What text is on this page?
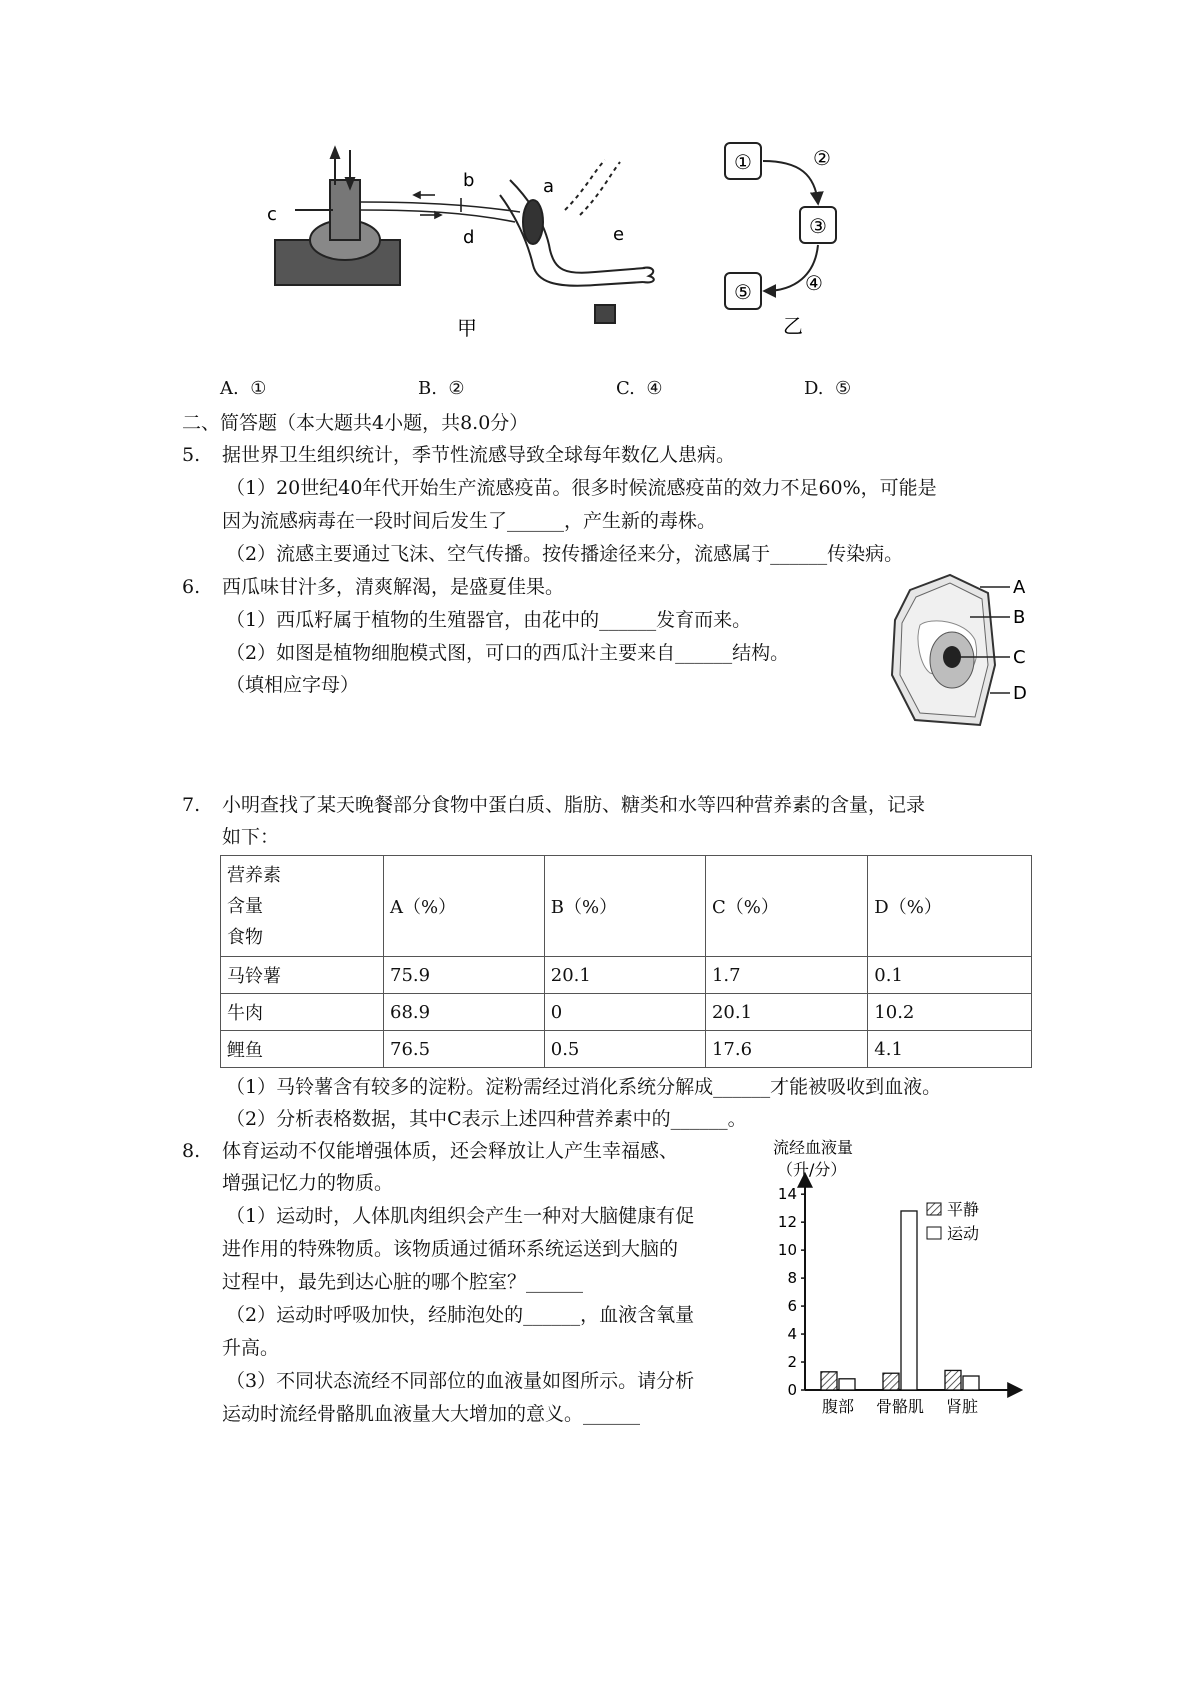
a
b
c
d	e
甲
①
③
⑤
②
④
乙
A. ①	B. ②	C. ④	D. ⑤
二、简答题（本大题共4小题，共8.0分）
5. 据世界卫生组织统计，季节性流感导致全球每年数亿人患病。
（1）20世纪40年代开始生产流感疫苗。很多时候流感疫苗的效力不足60%，可能是
因为流感病毒在一段时间后发生了______，产生新的毒株。
（2）流感主要通过飞沫、空气传播。按传播途径来分，流感属于______传染病。
6. 西瓜味甘汁多，清爽解渴，是盛夏佳果。
（1）西瓜籽属于植物的生殖器官，由花中的______发育而来。
（2）如图是植物细胞模式图，可口的西瓜汁主要来自______结构。
（填相应字母）
A
B
C
D
7. 小明查找了某天晚餐部分食物中蛋白质、脂肪、糖类和水等四种营养素的含量，记录
如下：
营养素
含量
食物	A（%）	B（%）	C（%）	D（%）
马铃薯	75.9	20.1	1.7	0.1
牛肉	68.9	0	20.1	10.2
鲤鱼	76.5	0.5	17.6	4.1
（1）马铃薯含有较多的淀粉。淀粉需经过消化系统分解成______才能被吸收到血液。
（2）分析表格数据，其中C表示上述四种营养素中的______。
8. 体育运动不仅能增强体质，还会释放让人产生幸福感、
增强记忆力的物质。
（1）运动时，人体肌肉组织会产生一种对大脑健康有促
进作用的特殊物质。该物质通过循环系统运送到大脑的
过程中，最先到达心脏的哪个腔室？______
（2）运动时呼吸加快，经肺泡处的______，血液含氧量
升高。
（3）不同状态流经不同部位的血液量如图所示。请分析
运动时流经骨骼肌血液量大大增加的意义。______
流经血液量
（升/分）
0
2
4
6
8
10
12
14
腹部 骨骼肌 肾脏
平静
运动
